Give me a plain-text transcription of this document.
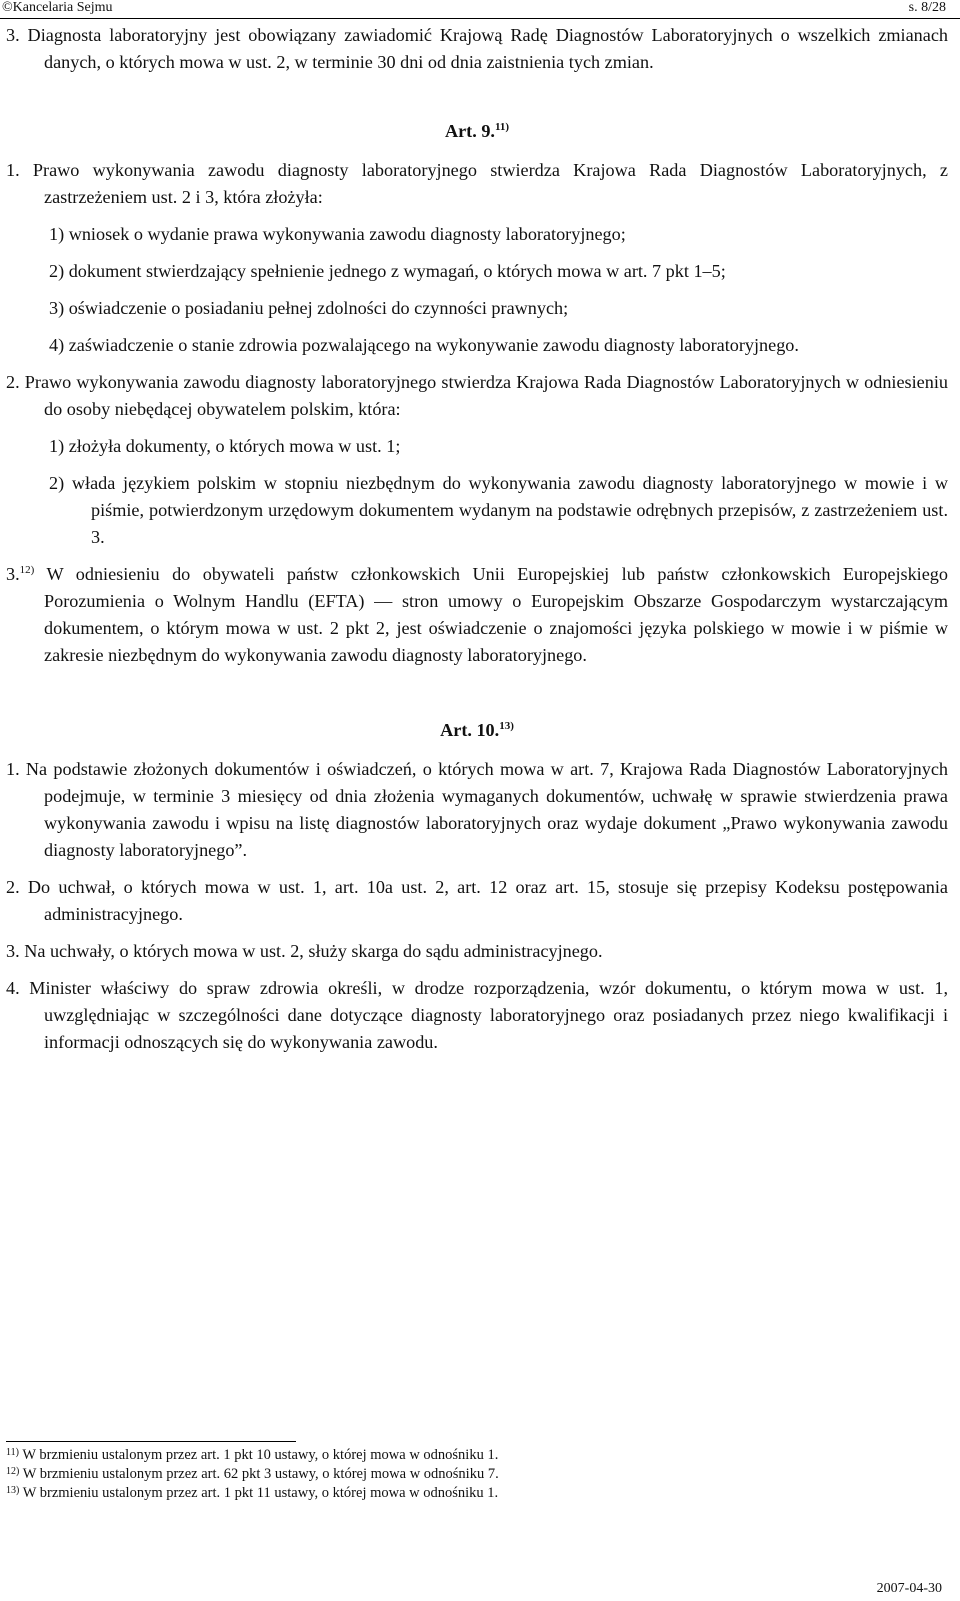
©Kancelaria Sejmu	s. 8/28

3. Diagnosta laboratoryjny jest obowiązany zawiadomić Krajową Radę Diagnostów Laboratoryjnych o wszelkich zmianach danych, o których mowa w ust. 2, w terminie 30 dni od dnia zaistnienia tych zmian.

Art. 9.$^{11)}$

1. Prawo wykonywania zawodu diagnosty laboratoryjnego stwierdza Krajowa Rada Diagnostów Laboratoryjnych, z zastrzeżeniem ust. 2 i 3, która złożyła:

1) wniosek o wydanie prawa wykonywania zawodu diagnosty laboratoryjnego;

2) dokument stwierdzający spełnienie jednego z wymagań, o których mowa w art. 7 pkt 1–5;

3) oświadczenie o posiadaniu pełnej zdolności do czynności prawnych;

4) zaświadczenie o stanie zdrowia pozwalającego na wykonywanie zawodu diagnosty laboratoryjnego.

2. Prawo wykonywania zawodu diagnosty laboratoryjnego stwierdza Krajowa Rada Diagnostów Laboratoryjnych w odniesieniu do osoby niebędącej obywatelem polskim, która:

1) złożyła dokumenty, o których mowa w ust. 1;

2) włada językiem polskim w stopniu niezbędnym do wykonywania zawodu diagnosty laboratoryjnego w mowie i w piśmie, potwierdzonym urzędowym dokumentem wydanym na podstawie odrębnych przepisów, z zastrzeżeniem ust. 3.

3.$^{12)}$ W odniesieniu do obywateli państw członkowskich Unii Europejskiej lub państw członkowskich Europejskiego Porozumienia o Wolnym Handlu (EFTA) — stron umowy o Europejskim Obszarze Gospodarczym wystarczającym dokumentem, o którym mowa w ust. 2 pkt 2, jest oświadczenie o znajomości języka polskiego w mowie i w piśmie w zakresie niezbędnym do wykonywania zawodu diagnosty laboratoryjnego.

Art. 10.$^{13)}$

1. Na podstawie złożonych dokumentów i oświadczeń, o których mowa w art. 7, Krajowa Rada Diagnostów Laboratoryjnych podejmuje, w terminie 3 miesięcy od dnia złożenia wymaganych dokumentów, uchwałę w sprawie stwierdzenia prawa wykonywania zawodu i wpisu na listę diagnostów laboratoryjnych oraz wydaje dokument „Prawo wykonywania zawodu diagnosty laboratoryjnego”.

2. Do uchwał, o których mowa w ust. 1, art. 10a ust. 2, art. 12 oraz art. 15, stosuje się przepisy Kodeksu postępowania administracyjnego.

3. Na uchwały, o których mowa w ust. 2, służy skarga do sądu administracyjnego.

4. Minister właściwy do spraw zdrowia określi, w drodze rozporządzenia, wzór dokumentu, o którym mowa w ust. 1, uwzględniając w szczególności dane dotyczące diagnosty laboratoryjnego oraz posiadanych przez niego kwalifikacji i informacji odnoszących się do wykonywania zawodu.

$^{11)}$ W brzmieniu ustalonym przez art. 1 pkt 10 ustawy, o której mowa w odnośniku 1.
$^{12)}$ W brzmieniu ustalonym przez art. 62 pkt 3 ustawy, o której mowa w odnośniku 7.
$^{13)}$ W brzmieniu ustalonym przez art. 1 pkt 11 ustawy, o której mowa w odnośniku 1.
2007-04-30
